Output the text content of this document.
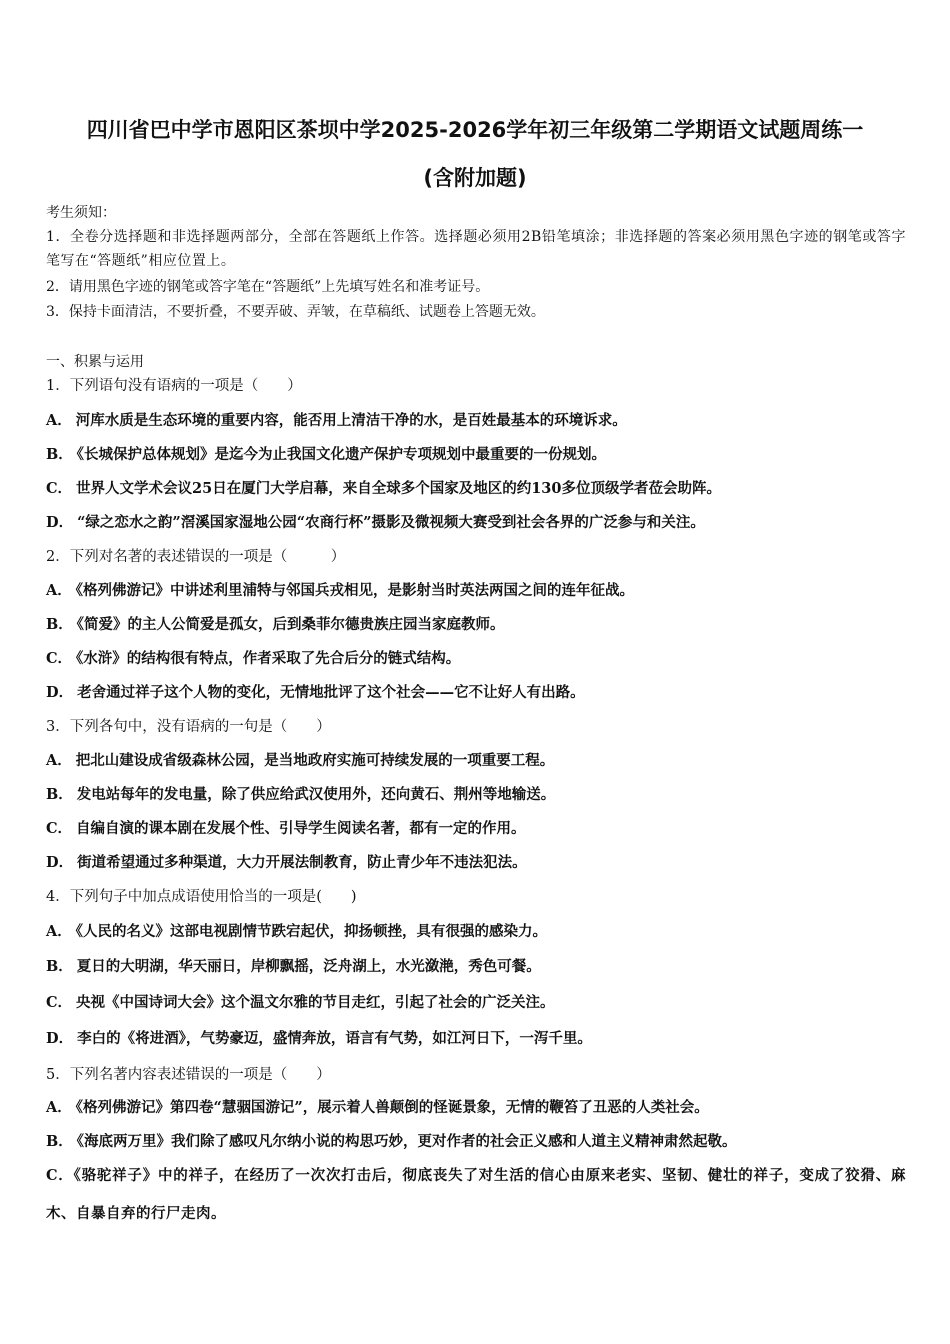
四川省巴中学市恩阳区茶坝中学2025-2026学年初三年级第二学期语文试题周练一
(含附加题)
考生须知：
1．全卷分选择题和非选择题两部分，全部在答题纸上作答。选择题必须用2B铅笔填涂；非选择题的答案必须用黑色字迹的钢笔或答字笔写在“答题纸”相应位置上。
2．请用黑色字迹的钢笔或答字笔在“答题纸”上先填写姓名和准考证号。
3．保持卡面清洁，不要折叠，不要弄破、弄皱，在草稿纸、试题卷上答题无效。
一、积累与运用
1．下列语句没有语病的一项是（　　）
A． 河库水质是生态环境的重要内容，能否用上清洁干净的水，是百姓最基本的环境诉求。
B． 《长城保护总体规划》是迄今为止我国文化遗产保护专项规划中最重要的一份规划。
C． 世界人文学术会议25日在厦门大学启幕，来自全球多个国家及地区的约130多位顶级学者莅会助阵。
D． “绿之恋水之韵”滘溪国家湿地公园“农商行杯”摄影及微视频大赛受到社会各界的广泛参与和关注。
2．下列对名著的表述错误的一项是（　　　）
A． 《格列佛游记》中讲述利里浦特与邻国兵戎相见，是影射当时英法两国之间的连年征战。
B． 《简爱》的主人公简爱是孤女，后到桑菲尔德贵族庄园当家庭教师。
C． 《水浒》的结构很有特点，作者采取了先合后分的链式结构。
D． 老舍通过祥子这个人物的变化，无情地批评了这个社会——它不让好人有出路。
3．下列各句中，没有语病的一句是（　　）
A． 把北山建设成省级森林公园，是当地政府实施可持续发展的一项重要工程。
B． 发电站每年的发电量，除了供应给武汉使用外，还向黄石、荆州等地输送。
C． 自编自演的课本剧在发展个性、引导学生阅读名著，都有一定的作用。
D． 街道希望通过多种渠道，大力开展法制教育，防止青少年不违法犯法。
4．下列句子中加点成语使用恰当的一项是(　　)
A． 《人民的名义》这部电视剧情节跌宕起伏，抑扬顿挫，具有很强的感染力。
B． 夏日的大明湖，华天丽日，岸柳飘摇，泛舟湖上，水光潋滟，秀色可餐。
C． 央视《中国诗词大会》这个温文尔雅的节目走红，引起了社会的广泛关注。
D． 李白的《将进酒》，气势豪迈，盛情奔放，语言有气势，如江河日下，一泻千里。
5．下列名著内容表述错误的一项是（　　）
A． 《格列佛游记》第四卷“慧骃国游记”，展示着人兽颠倒的怪诞景象，无情的鞭笞了丑恶的人类社会。
B． 《海底两万里》我们除了感叹凡尔纳小说的构思巧妙，更对作者的社会正义感和人道主义精神肃然起敬。
C．《骆驼祥子》中的祥子，在经历了一次次打击后，彻底丧失了对生活的信心由原来老实、坚韧、健壮的祥子，变成了狡猾、麻木、自暴自弃的行尸走肉。
